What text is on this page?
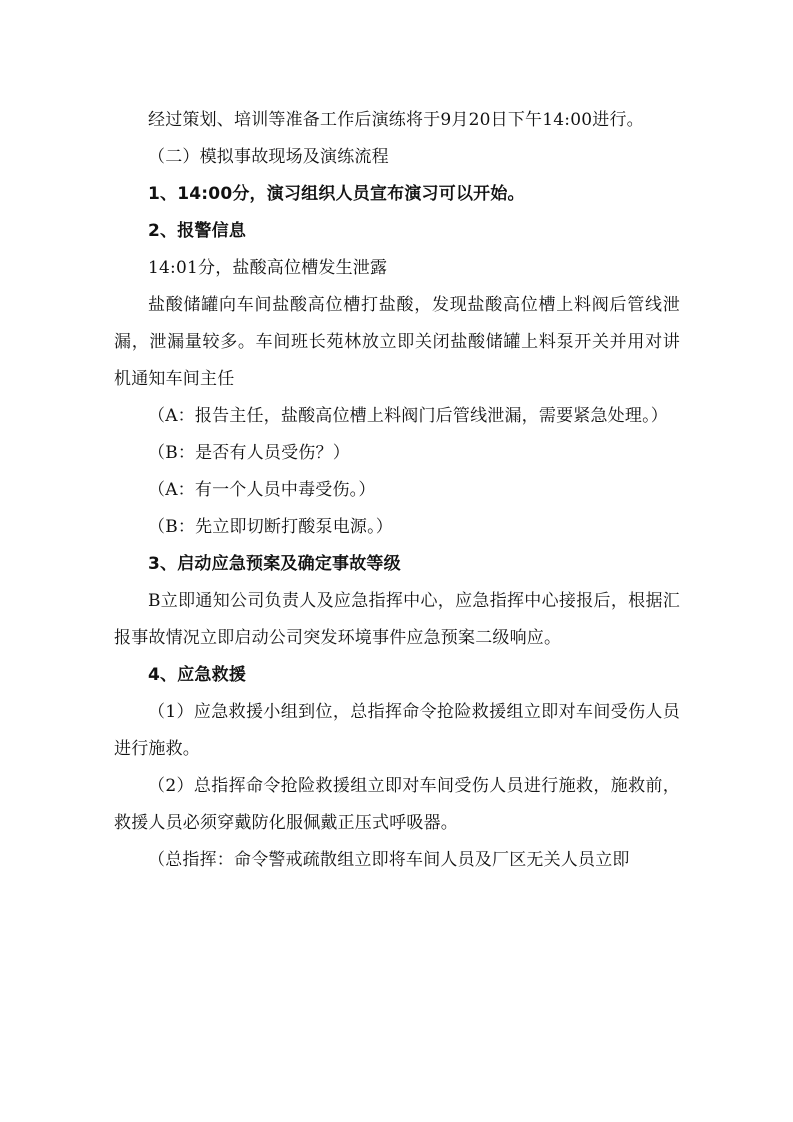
经过策划、培训等准备工作后演练将于9月20日下午14:00进行。

（二）模拟事故现场及演练流程

1、14:00分，演习组织人员宣布演习可以开始。

2、报警信息

14:01分，盐酸高位槽发生泄露

盐酸储罐向车间盐酸高位槽打盐酸，发现盐酸高位槽上料阀后管线泄漏，泄漏量较多。车间班长苑林放立即关闭盐酸储罐上料泵开关并用对讲机通知车间主任

（A：报告主任，盐酸高位槽上料阀门后管线泄漏，需要紧急处理。）

（B：是否有人员受伤？）

（A：有一个人员中毒受伤。）

（B：先立即切断打酸泵电源。）

3、启动应急预案及确定事故等级

B立即通知公司负责人及应急指挥中心，应急指挥中心接报后，根据汇报事故情况立即启动公司突发环境事件应急预案二级响应。

4、应急救援

（1）应急救援小组到位，总指挥命令抢险救援组立即对车间受伤人员进行施救。

（2）总指挥命令抢险救援组立即对车间受伤人员进行施救，施救前，救援人员必须穿戴防化服佩戴正压式呼吸器。

（总指挥：命令警戒疏散组立即将车间人员及厂区无关人员立即
